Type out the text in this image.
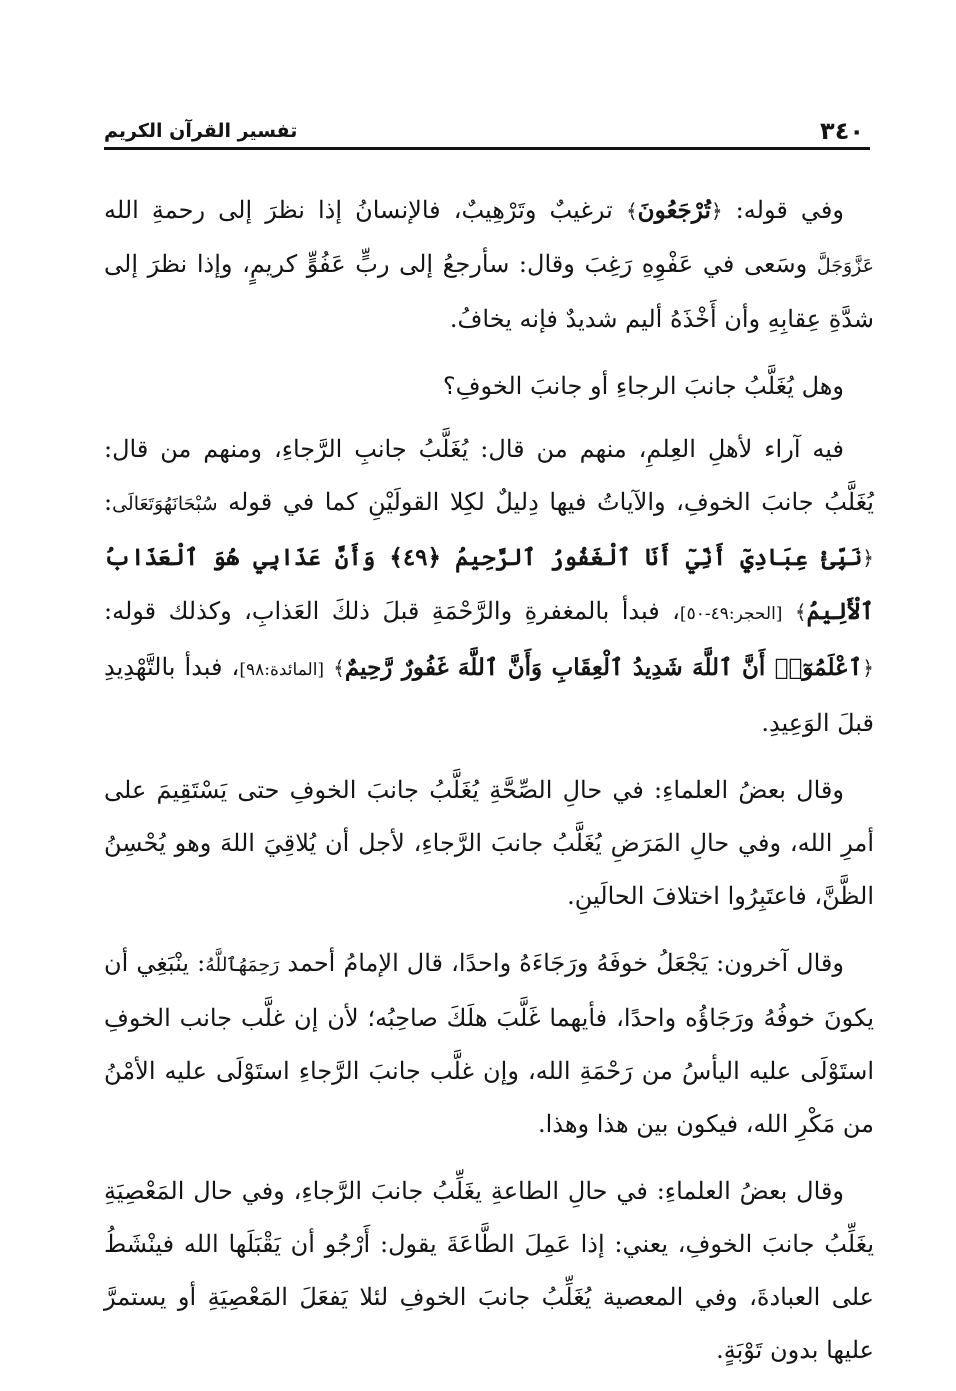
٣٤٠
تفسير القرآن الكريم

وفي قوله: ﴿تُرْجَعُونَ﴾ ترغيبٌ وتَرْهِيبٌ، فالإنسانُ إذا نظرَ إلى رحمةِ الله عَزَّوَجَلَّ وسَعى في عَفْوِهِ رَغِبَ وقال: سأرجعُ إلى ربٍّ عَفُوٍّ كريمٍ، وإذا نظرَ إلى شدَّةِ عِقابِهِ وأن أَخْذَهُ أليم شديدٌ فإنه يخافُ.

وهل يُغَلَّبُ جانبَ الرجاءِ أو جانبَ الخوفِ؟

فيه آراء لأهلِ العِلمِ، منهم من قال: يُغَلَّبُ جانبِ الرَّجاءِ، ومنهم من قال: يُغَلَّبُ جانبَ الخوفِ، والآياتُ فيها دِليلٌ لكِلا القولَيْنِ كما في قوله سُبْحَانَهُوَتَعَالَى: ﴿نَبِّئْ عِبَادِيٓ أَنِّيٓ أَنَا ٱلْغَفُورُ ٱلرَّحِيمُ ﴿٤٩﴾ وَأَنَّ عَذَابِي هُوَ ٱلْعَذَابُ ٱلْأَلِيمُ﴾ [الحجر:٤٩-٥٠]، فبدأ بالمغفرةِ والرَّحْمَةِ قبلَ ذلكَ العَذابِ، وكذلك قوله: ﴿ٱعْلَمُوٓا۟ أَنَّ ٱللَّهَ شَدِيدُ ٱلْعِقَابِ وَأَنَّ ٱللَّهَ غَفُورٌ رَّحِيمٌ﴾ [المائدة:٩٨]، فبدأ بالتَّهْدِيدِ قبلَ الوَعِيدِ.

وقال بعضُ العلماءِ: في حالِ الصِّحَّةِ يُغَلَّبُ جانبَ الخوفِ حتى يَسْتَقِيمَ على أمرِ الله، وفي حالِ المَرَضِ يُغَلَّبُ جانبَ الرَّجاءِ، لأجل أن يُلاقِيَ اللهَ وهو يُحْسِنُ الظَّنَّ، فاعتَبِرُوا اختلافَ الحالَينِ.

وقال آخرون: يَجْعَلُ خوفَهُ ورَجَاءَهُ واحدًا، قال الإمامُ أحمد رَحِمَهُٱللَّهُ: ينْبَغِي أن يكونَ خوفُهُ ورَجَاؤُه واحدًا، فأيهما غَلَّبَ هلَكَ صاحِبُه؛ لأن إن غلَّب جانب الخوفِ استَوْلَى عليه اليأسُ من رَحْمَةِ الله، وإن غلَّب جانبَ الرَّجاءِ استَوْلَى عليه الأمْنُ من مَكْرِ الله، فيكون بين هذا وهذا.

وقال بعضُ العلماءِ: في حالِ الطاعةِ يغَلِّبُ جانبَ الرَّجاءِ، وفي حال المَعْصِيَةِ يغَلِّبُ جانبَ الخوفِ، يعني: إذا عَمِلَ الطَّاعَةَ يقول: أَرْجُو أن يَقْبَلَها الله فينْشَطُ على العبادةَ، وفي المعصية يُغَلِّبُ جانبَ الخوفِ لئلا يَفعَلَ المَعْصِيَةِ أو يستمرَّ عليها بدون تَوْبَةٍ.
